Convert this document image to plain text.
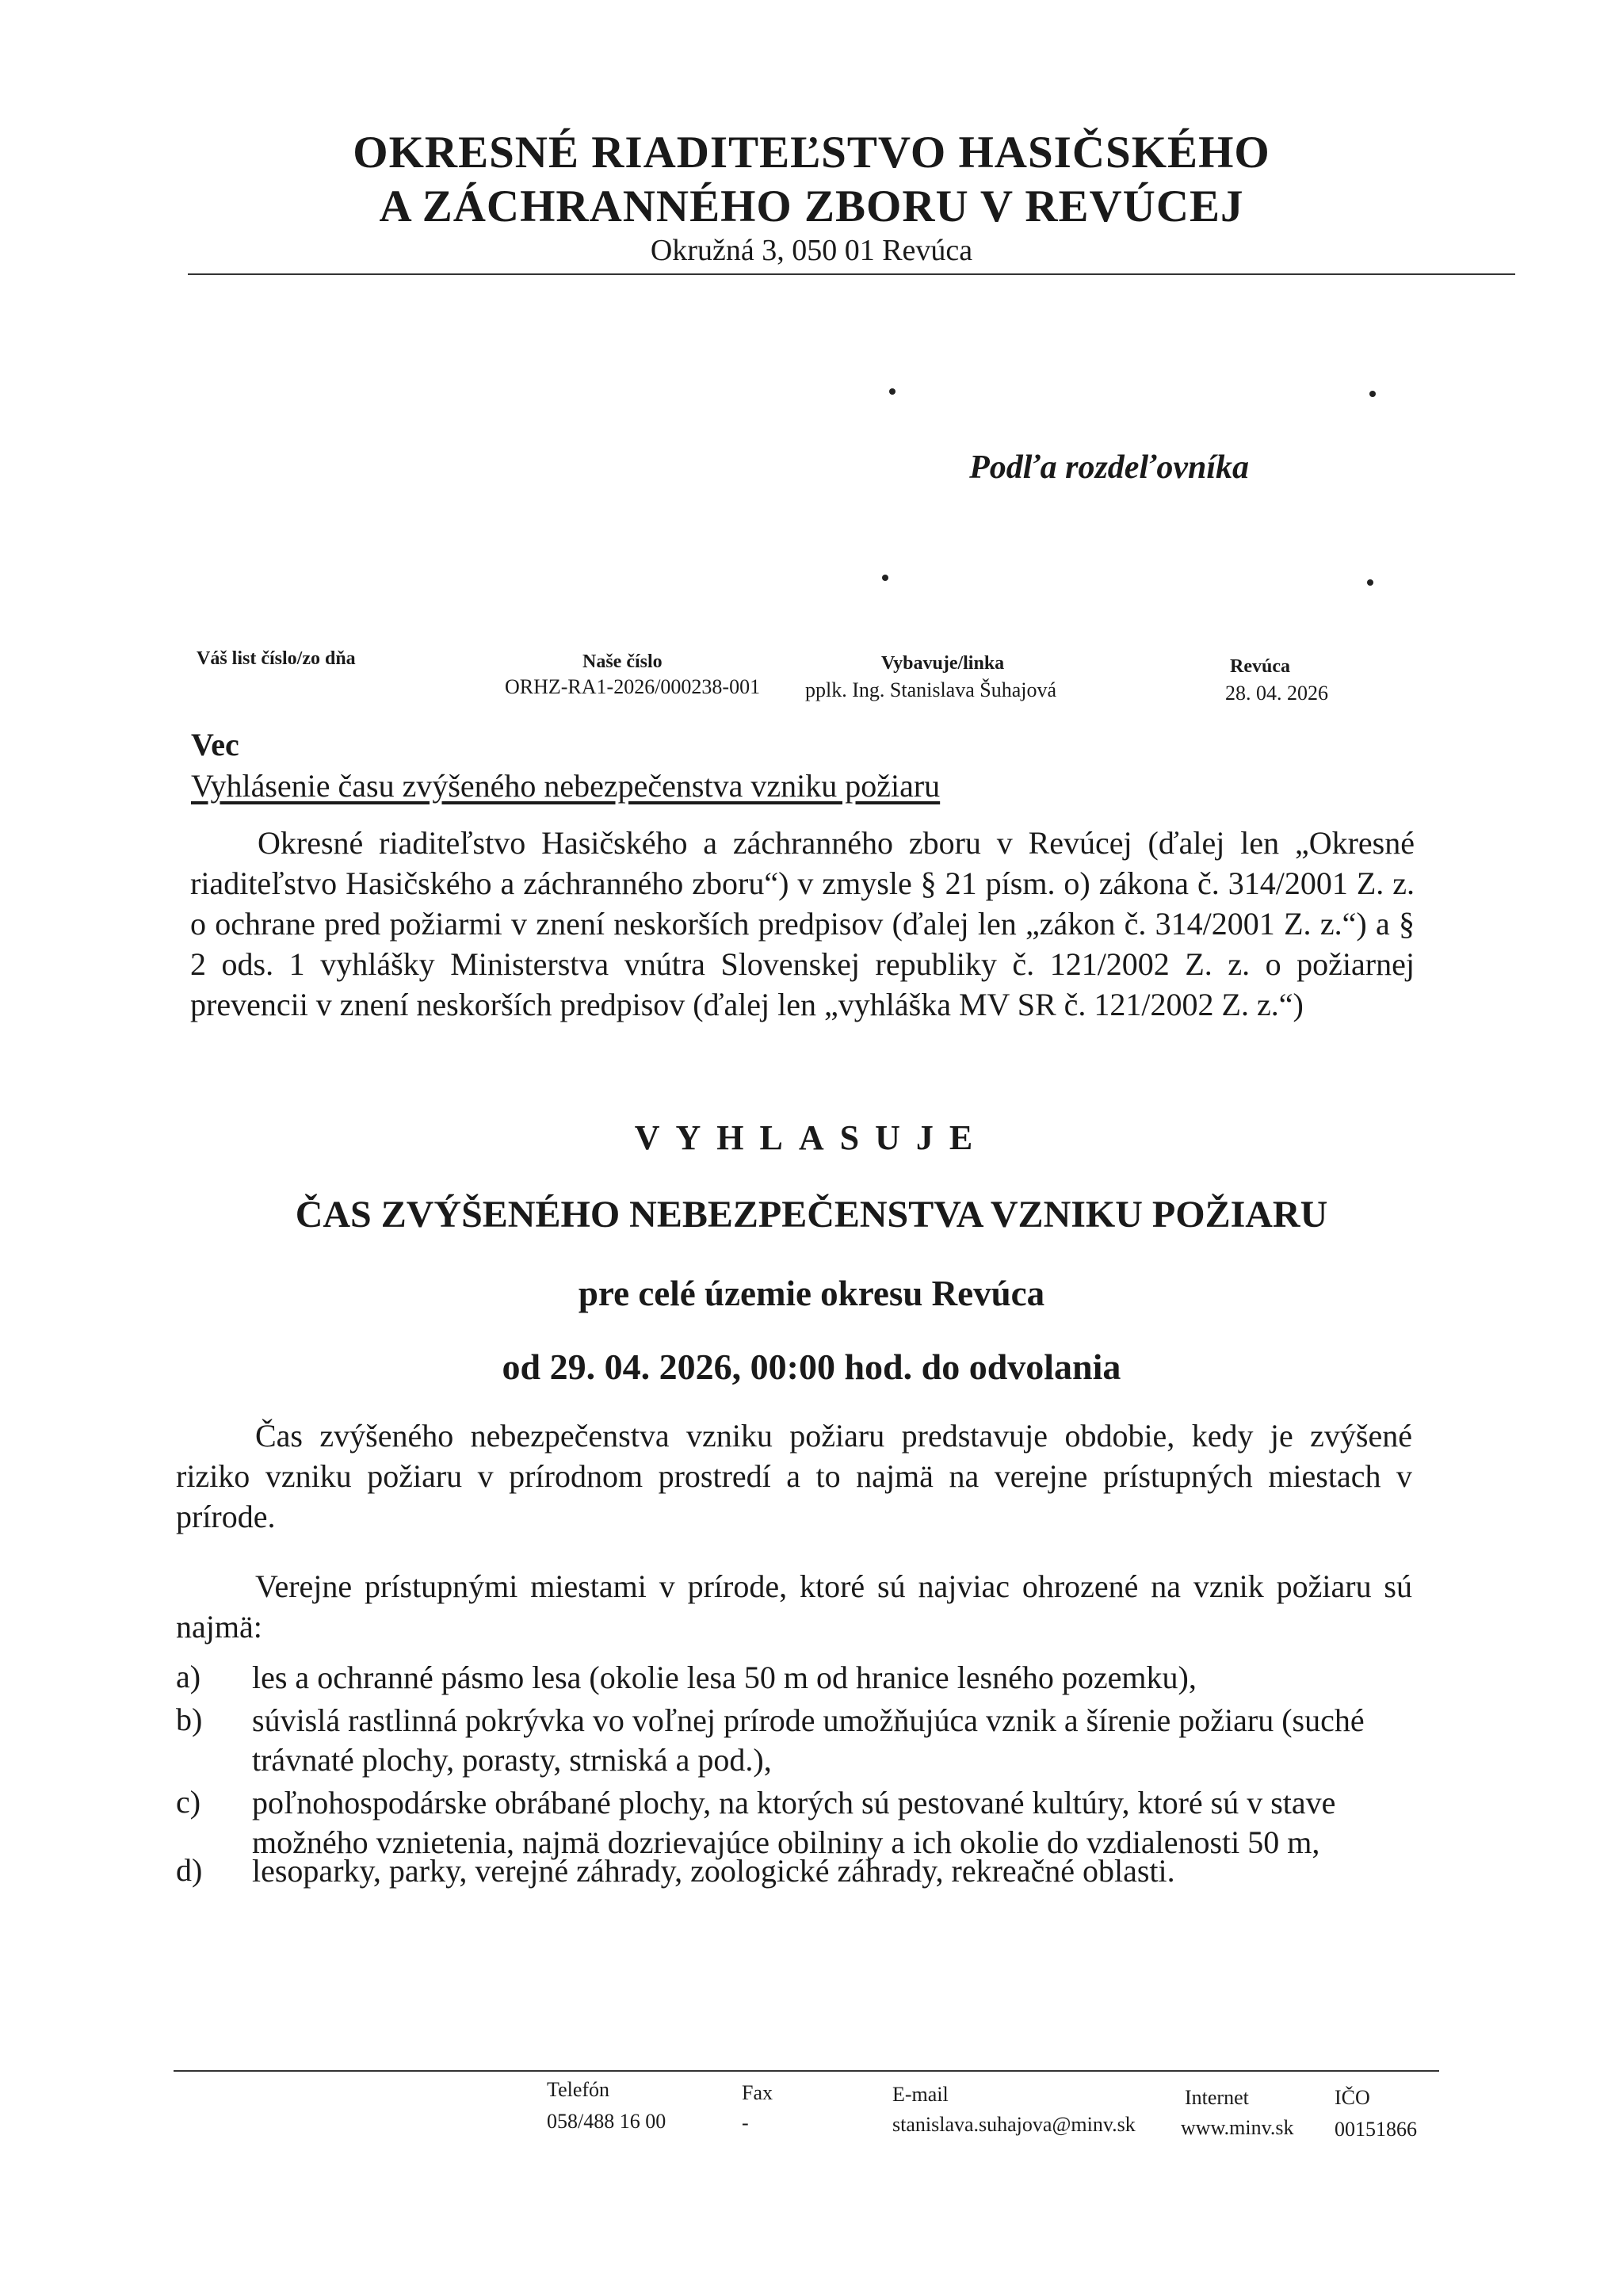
OKRESNÉ RIADITEĽSTVO HASIČSKÉHO
A ZÁCHRANNÉHO ZBORU V REVÚCEJ
Okružná 3, 050 01 Revúca
Podľa rozdeľovníka
Váš list číslo/zo dňa	Naše číslo
ORHZ-RA1-2026/000238-001
Vybavuje/linka
pplk. Ing. Stanislava Šuhajová
Revúca
28. 04. 2026
Vec
Vyhlásenie času zvýšeného nebezpečenstva vzniku požiaru
Okresné riaditeľstvo Hasičského a záchranného zboru v Revúcej (ďalej len „Okresné riaditeľstvo Hasičského a záchranného zboru“) v zmysle § 21 písm. o) zákona č. 314/2001 Z. z. o ochrane pred požiarmi v znení neskorších predpisov (ďalej len „zákon č. 314/2001 Z. z.“) a § 2 ods. 1 vyhlášky Ministerstva vnútra Slovenskej republiky č. 121/2002 Z. z. o požiarnej prevencii v znení neskorších predpisov (ďalej len „vyhláška MV SR č. 121/2002 Z. z.“)
VYHLASUJE
ČAS ZVÝŠENÉHO NEBEZPEČENSTVA VZNIKU POŽIARU
pre celé územie okresu Revúca
od 29. 04. 2026, 00:00 hod. do odvolania
Čas zvýšeného nebezpečenstva vzniku požiaru predstavuje obdobie, kedy je zvýšené riziko vzniku požiaru v prírodnom prostredí a to najmä na verejne prístupných miestach v prírode.
Verejne prístupnými miestami v prírode, ktoré sú najviac ohrozené na vznik požiaru sú najmä:
a) les a ochranné pásmo lesa (okolie lesa 50 m od hranice lesného pozemku),
b) súvislá rastlinná pokrývka vo voľnej prírode umožňujúca vznik a šírenie požiaru (suché trávnaté plochy, porasty, strniská a pod.),
c) poľnohospodárske obrábané plochy, na ktorých sú pestované kultúry, ktoré sú v stave možného vznietenia, najmä dozrievajúce obilniny a ich okolie do vzdialenosti 50 m,
d) lesoparky, parky, verejné záhrady, zoologické záhrady, rekreačné oblasti.
Telefón
058/488 16 00
Fax
-
E-mail
stanislava.suhajova@minv.sk
Internet
www.minv.sk
IČO
00151866
